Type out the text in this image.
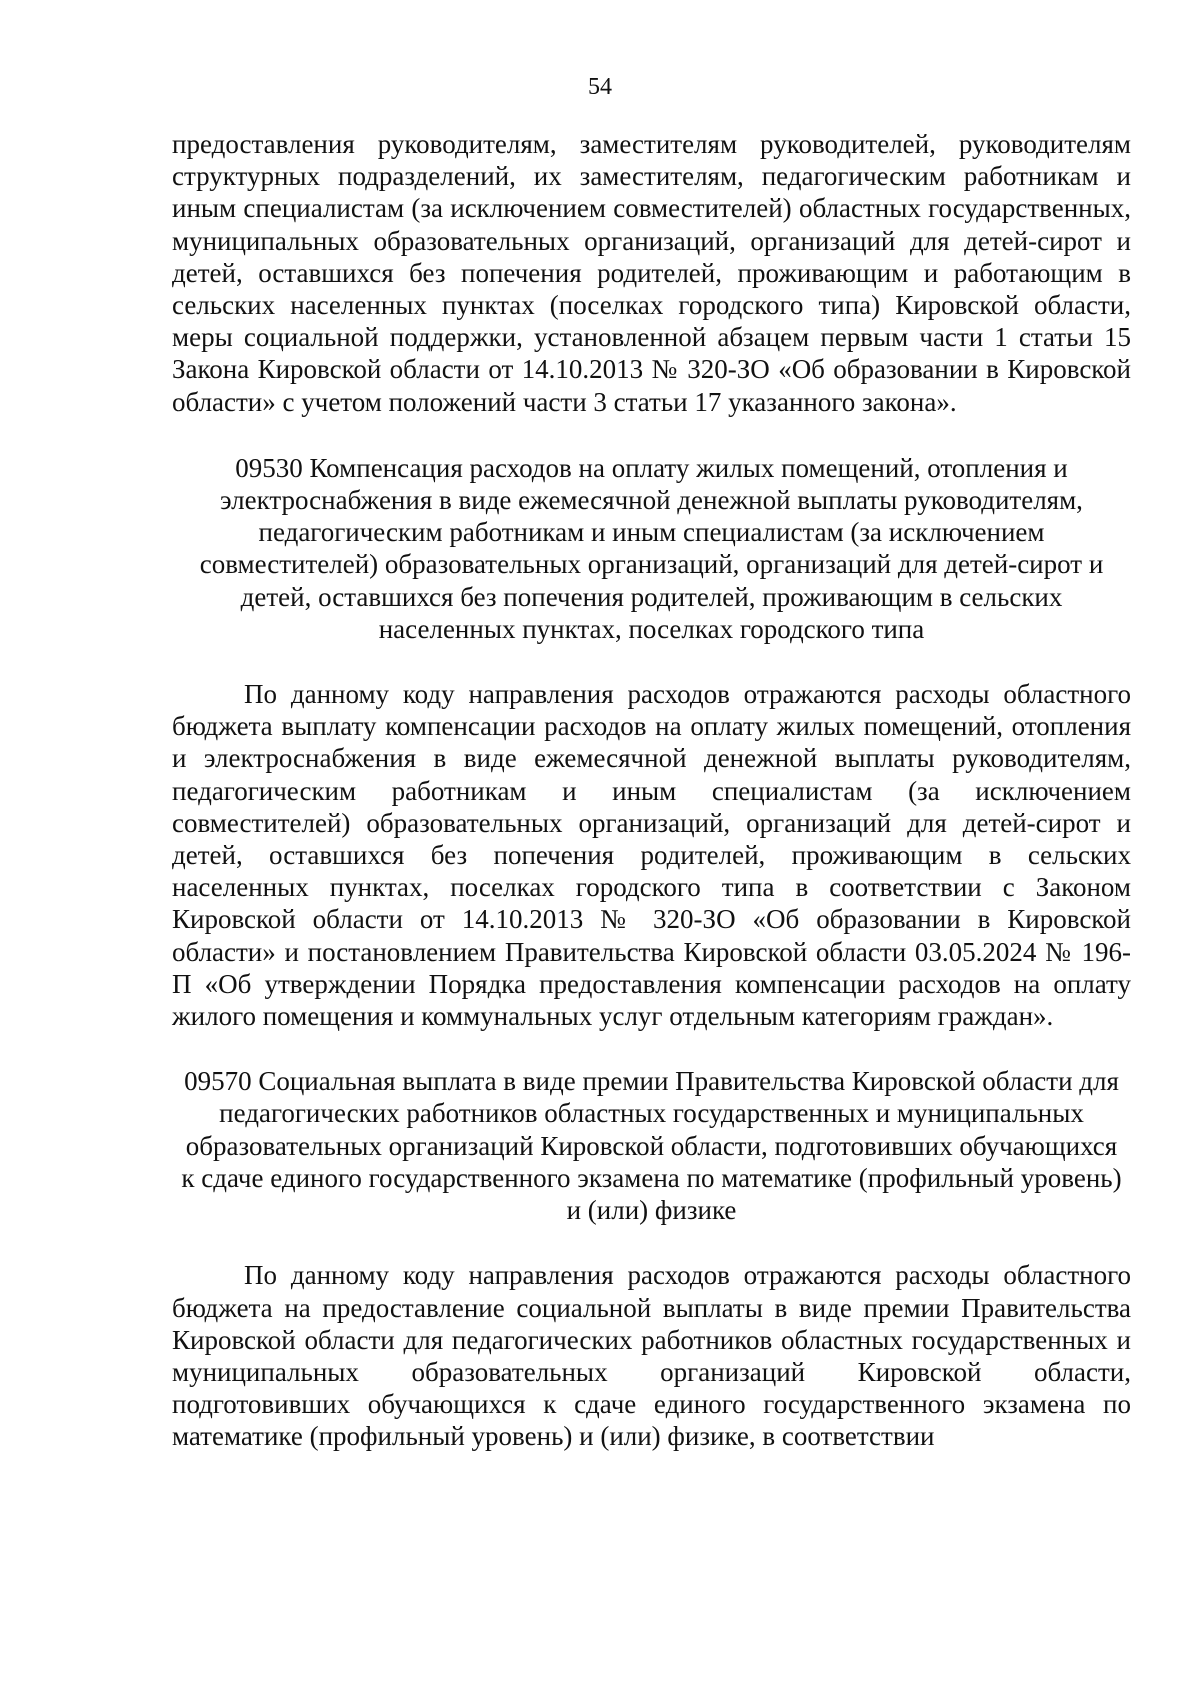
54

предоставления руководителям, заместителям руководителей, руководителям структурных подразделений, их заместителям, педагогическим работникам и иным специалистам (за исключением совместителей) областных государственных, муниципальных образовательных организаций, организаций для детей-сирот и детей, оставшихся без попечения родителей, проживающим и работающим в сельских населенных пунктах (поселках городского типа) Кировской области, меры социальной поддержки, установленной абзацем первым части 1 статьи 15 Закона Кировской области от 14.10.2013 № 320-ЗО «Об образовании в Кировской области» с учетом положений части 3 статьи 17 указанного закона».

09530 Компенсация расходов на оплату жилых помещений, отопления и электроснабжения в виде ежемесячной денежной выплаты руководителям, педагогическим работникам и иным специалистам (за исключением совместителей) образовательных организаций, организаций для детей-сирот и детей, оставшихся без попечения родителей, проживающим в сельских населенных пунктах, поселках городского типа

По данному коду направления расходов отражаются расходы областного бюджета выплату компенсации расходов на оплату жилых помещений, отопления и электроснабжения в виде ежемесячной денежной выплаты руководителям, педагогическим работникам и иным специалистам (за исключением совместителей) образовательных организаций, организаций для детей-сирот и детей, оставшихся без попечения родителей, проживающим в сельских населенных пунктах, поселках городского типа в соответствии с Законом Кировской области от 14.10.2013 № 320-ЗО «Об образовании в Кировской области» и постановлением Правительства Кировской области 03.05.2024 № 196-П «Об утверждении Порядка предоставления компенсации расходов на оплату жилого помещения и коммунальных услуг отдельным категориям граждан».

09570 Социальная выплата в виде премии Правительства Кировской области для педагогических работников областных государственных и муниципальных образовательных организаций Кировской области, подготовивших обучающихся к сдаче единого государственного экзамена по математике (профильный уровень) и (или) физике

По данному коду направления расходов отражаются расходы областного бюджета на предоставление социальной выплаты в виде премии Правительства Кировской области для педагогических работников областных государственных и муниципальных образовательных организаций Кировской области, подготовивших обучающихся к сдаче единого государственного экзамена по математике (профильный уровень) и (или) физике, в соответствии
